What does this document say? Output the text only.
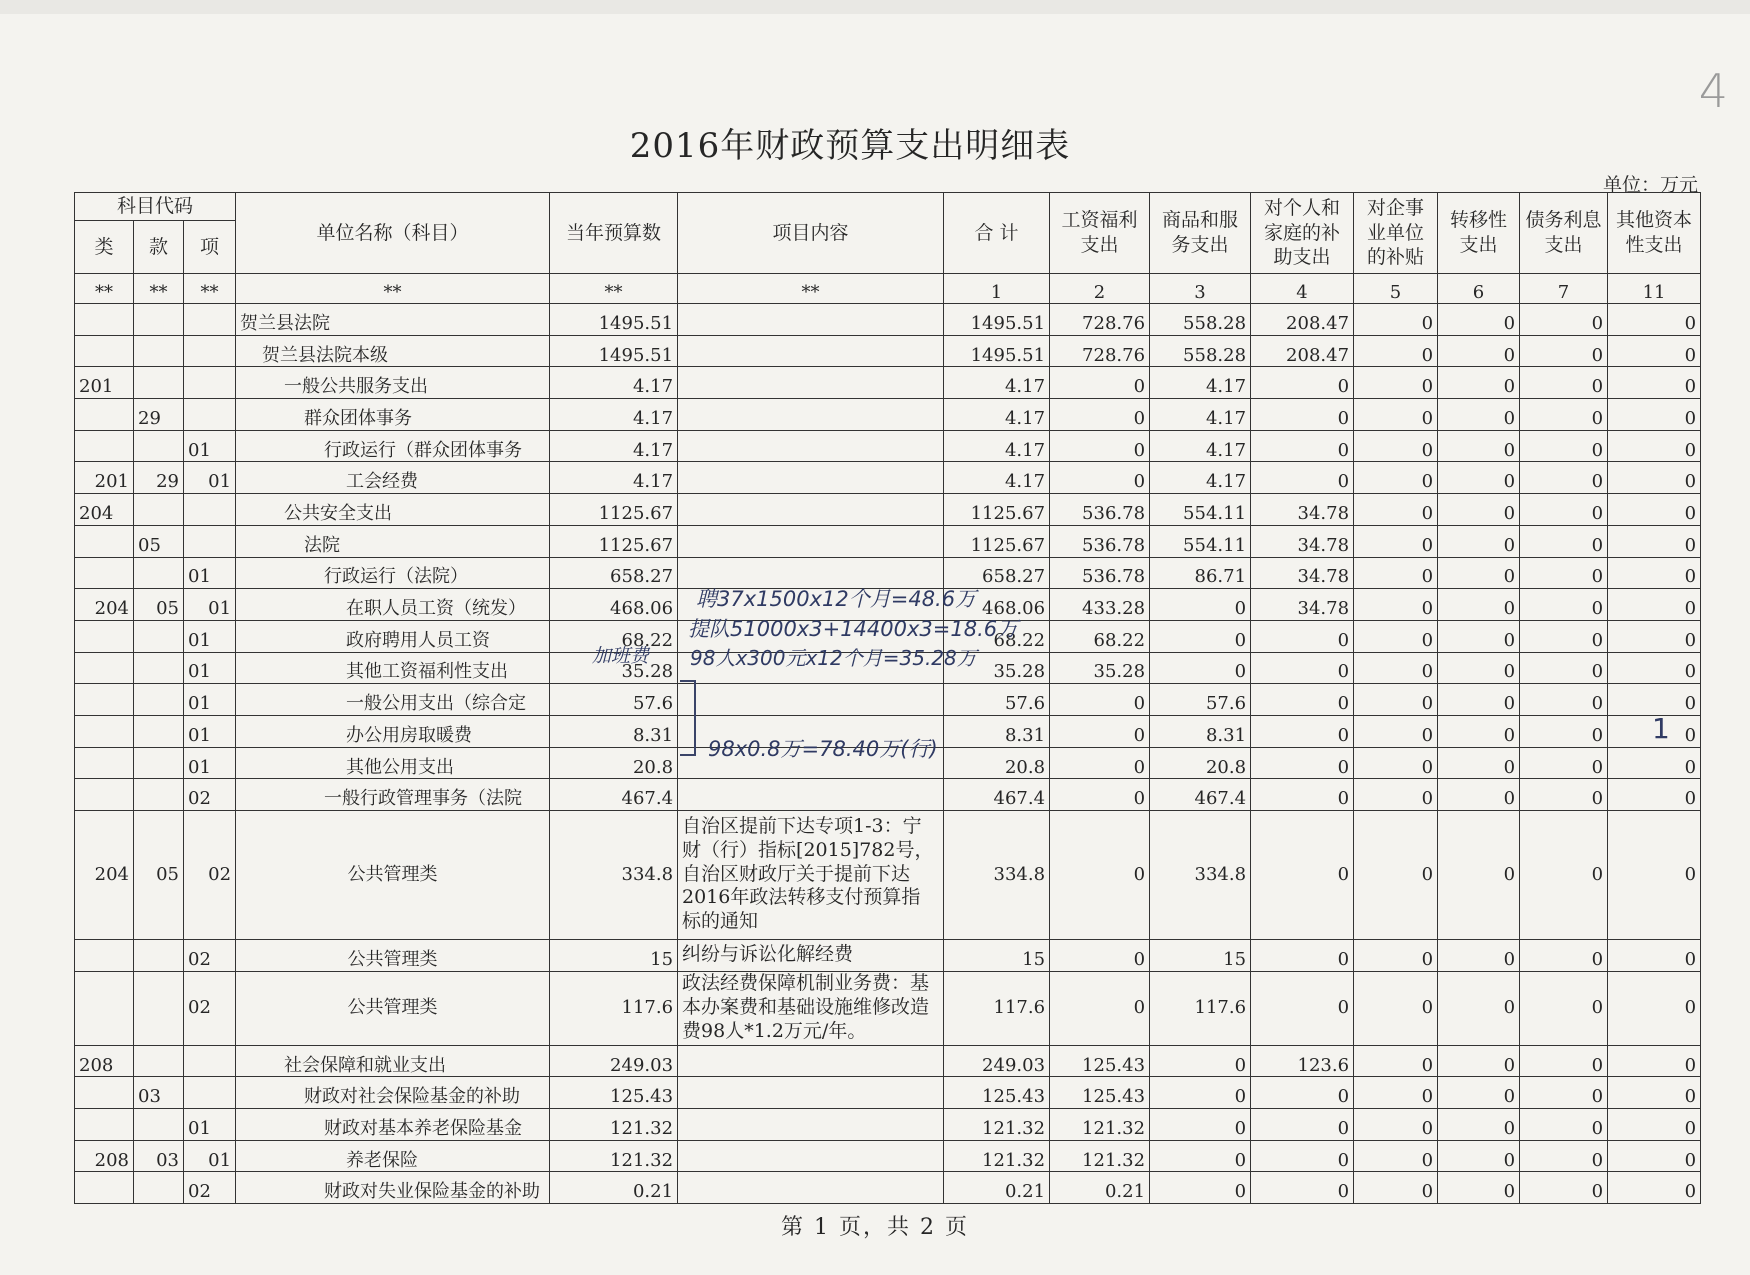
4
2016年财政预算支出明细表
单位：万元
科目代码			单位名称（科目）	当年预算数	项目内容	合 计	工资福利支出	商品和服务支出	对个人和家庭的补助支出	对企事业单位的补贴	转移性支出	债务利息支出	其他资本性支出
类	款	项											
**	**	**	**	**	**	1	2	3	4	5	6	7	11
			贺兰县法院	1495.51		1495.51	728.76	558.28	208.47	0	0	0	0
			贺兰县法院本级	1495.51		1495.51	728.76	558.28	208.47	0	0	0	0
201			一般公共服务支出	4.17		4.17	0	4.17	0	0	0	0	0
	29		群众团体事务	4.17		4.17	0	4.17	0	0	0	0	0
		01	行政运行（群众团体事务	4.17		4.17	0	4.17	0	0	0	0	0
201	29	01	工会经费	4.17		4.17	0	4.17	0	0	0	0	0
204			公共安全支出	1125.67		1125.67	536.78	554.11	34.78	0	0	0	0
	05		法院	1125.67		1125.67	536.78	554.11	34.78	0	0	0	0
		01	行政运行（法院）	658.27		658.27	536.78	86.71	34.78	0	0	0	0
204	05	01	在职人员工资（统发）	468.06		468.06	433.28	0	34.78	0	0	0	0
		01	政府聘用人员工资	68.22		68.22	68.22	0	0	0	0	0	0
		01	其他工资福利性支出	35.28		35.28	35.28	0	0	0	0	0	0
		01	一般公用支出（综合定	57.6		57.6	0	57.6	0	0	0	0	0
		01	办公用房取暖费	8.31		8.31	0	8.31	0	0	0	0	0
		01	其他公用支出	20.8		20.8	0	20.8	0	0	0	0	0
		02	一般行政管理事务（法院	467.4		467.4	0	467.4	0	0	0	0	0
204	05	02	公共管理类	334.8	自治区提前下达专项1-3：宁财（行）指标[2015]782号，自治区财政厅关于提前下达2016年政法转移支付预算指标的通知	334.8	0	334.8	0	0	0	0	0
		02	公共管理类	15	纠纷与诉讼化解经费	15	0	15	0	0	0	0	0
		02	公共管理类	117.6	政法经费保障机制业务费：基本办案费和基础设施维修改造费98人*1.2万元/年。	117.6	0	117.6	0	0	0	0	0
208			社会保障和就业支出	249.03		249.03	125.43	0	123.6	0	0	0	0
	03		财政对社会保险基金的补助	125.43		125.43	125.43	0	0	0	0	0	0
		01	财政对基本养老保险基金	121.32		121.32	121.32	0	0	0	0	0	0
208	03	01	养老保险	121.32		121.32	121.32	0	0	0	0	0	0
		02	财政对失业保险基金的补助	0.21		0.21	0.21	0	0	0	0	0	0
聘37x1500x12个月=48.6万
提队51000x3+14400x3=18.6万
98人x300元x12个月=35.28万
加班费
98x0.8万=78.40万(行)
1
第 1 页，共 2 页
